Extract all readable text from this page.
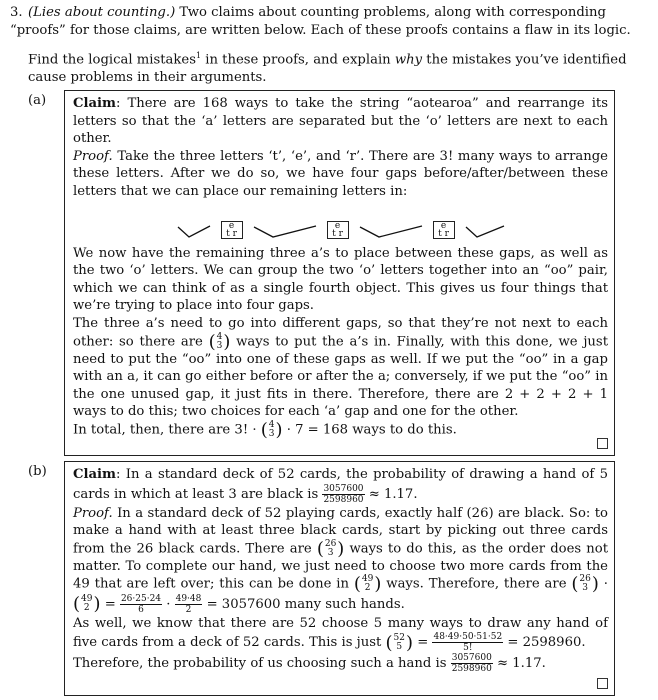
3. (Lies about counting.) Two claims about counting problems, along with corresponding “proofs” for those claims, are written below. Each of these proofs contains a flaw in its logic.
Find the logical mistakes$^1$ in these proofs, and explain why the mistakes you’ve identified cause problems in their arguments.
(a) Claim: There are 168 ways to take the string “aotearoa” and rearrange its letters so that the ‘a’ letters are separated but the ‘o’ letters are next to each other.

Proof. Take the three letters ‘t’, ‘e’, and ‘r’. There are 3! many ways to arrange these letters. After we do so, we have four gaps before/after/between these letters that we can place our remaining letters in:

e
t r
e
t r
e
t r

We now have the remaining three a’s to place between these gaps, as well as the two ‘o’ letters. We can group the two ‘o’ letters together into an “oo” pair, which we can think of as a single fourth object. This gives us four things that we’re trying to place into four gaps.

The three a’s need to go into different gaps, so that they’re not next to each other: so there are ( 4
3 ) ways to put the a’s in. Finally, with this done, we just need to put the “oo” into one of these gaps as well. If we put the “oo” in a gap with an a, it can go either before or after the a; conversely, if we put the “oo” in the one unused gap, it just fits in there. Therefore, there are 2 + 2 + 2 + 1 ways to do this; two choices for each ‘a’ gap and one for the other.

In total, then, there are 3! · ( 4
3 ) · 7 = 168 ways to do this.

(b) Claim: In a standard deck of 52 cards, the probability of drawing a hand of 5 cards in which at least 3 are black is $\frac{3057600}{2598960} \approx 1.17$.

Proof. In a standard deck of 52 playing cards, exactly half (26) are black. So: to make a hand with at least three black cards, start by picking out three cards from the 26 black cards. There are ( 26
3 ) ways to do this, as the order does not matter. To complete our hand, we just need to choose two more cards from the 49 that are left over; this can be done in ( 49
2 ) ways. Therefore, there are ( 26
3 ) · ( 49
2 ) = $\frac{26\cdot 25\cdot 24}{6} \cdot \frac{49\cdot 48}{2} = 3057600$ many such hands.

As well, we know that there are 52 choose 5 many ways to draw any hand of five cards from a deck of 52 cards. This is just ( 52
5 ) = $\frac{48\cdot 49\cdot 50\cdot 51\cdot 52}{5!} = 2598960$.

Therefore, the probability of us choosing such a hand is $\frac{3057600}{2598960} \approx 1.17$.
